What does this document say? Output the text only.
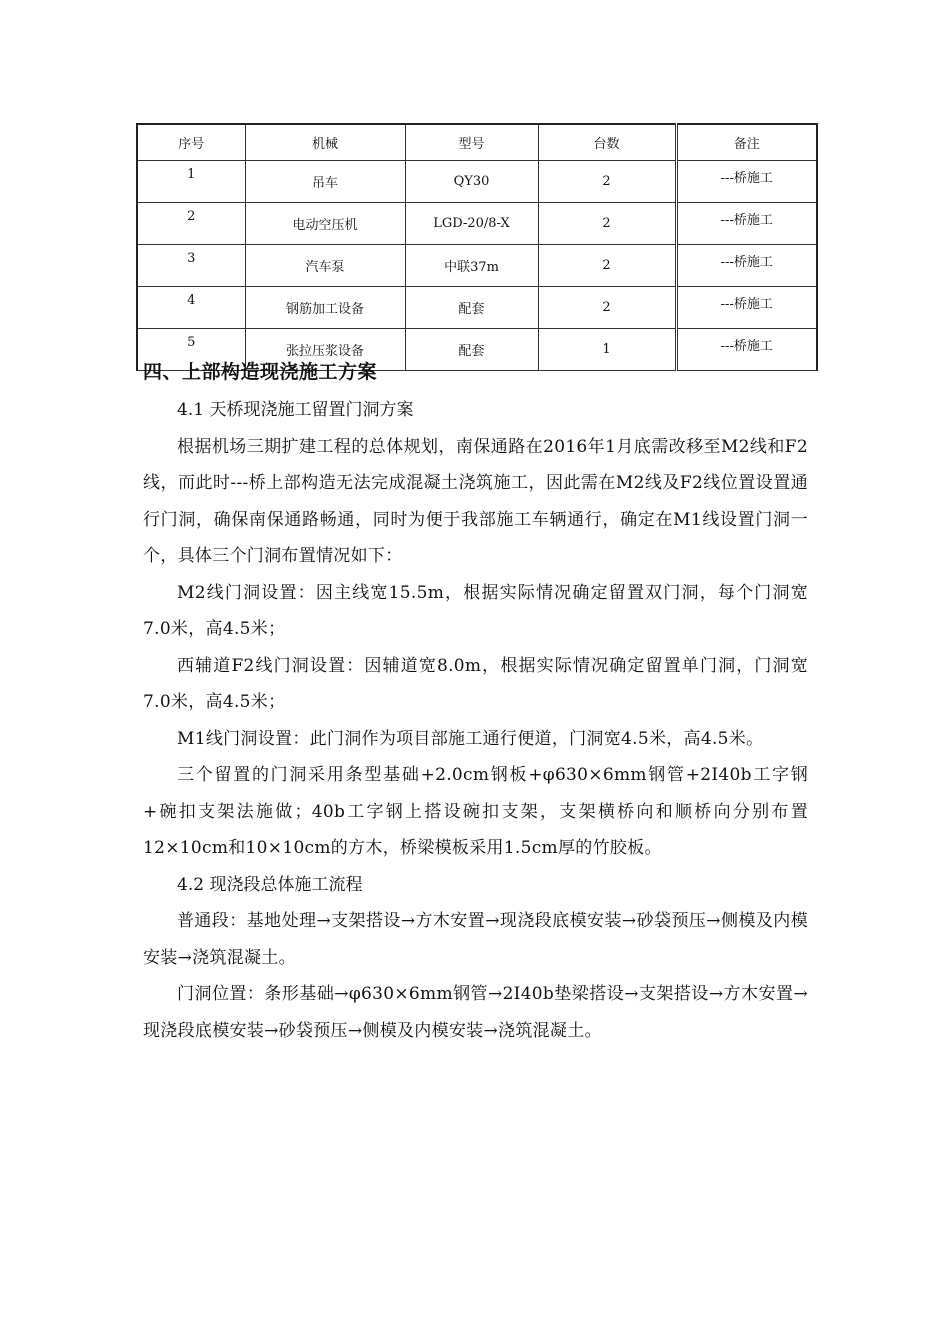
序号	机械	型号	台数	备注
1	吊车	QY30	2	---桥施工
2	电动空压机	LGD-20/8-X	2	---桥施工
3	汽车泵	中联37m	2	---桥施工
4	钢筋加工设备	配套	2	---桥施工
5	张拉压浆设备	配套	1	---桥施工
四、上部构造现浇施工方案

4.1 天桥现浇施工留置门洞方案

根据机场三期扩建工程的总体规划，南保通路在2016年1月底需改移至M2线和F2线，而此时---桥上部构造无法完成混凝土浇筑施工，因此需在M2线及F2线位置设置通行门洞，确保南保通路畅通，同时为便于我部施工车辆通行，确定在M1线设置门洞一个，具体三个门洞布置情况如下：

M2线门洞设置：因主线宽15.5m，根据实际情况确定留置双门洞，每个门洞宽7.0米，高4.5米；

西辅道F2线门洞设置：因辅道宽8.0m，根据实际情况确定留置单门洞，门洞宽7.0米，高4.5米；

M1线门洞设置：此门洞作为项目部施工通行便道，门洞宽4.5米，高4.5米。

三个留置的门洞采用条型基础+2.0cm钢板+φ630×6mm钢管+2I40b工字钢+碗扣支架法施做；40b工字钢上搭设碗扣支架，支架横桥向和顺桥向分别布置12×10cm和10×10cm的方木，桥梁模板采用1.5cm厚的竹胶板。

4.2 现浇段总体施工流程

普通段：基地处理→支架搭设→方木安置→现浇段底模安装→砂袋预压→侧模及内模安装→浇筑混凝土。

门洞位置：条形基础→φ630×6mm钢管→2I40b垫梁搭设→支架搭设→方木安置→现浇段底模安装→砂袋预压→侧模及内模安装→浇筑混凝土。
